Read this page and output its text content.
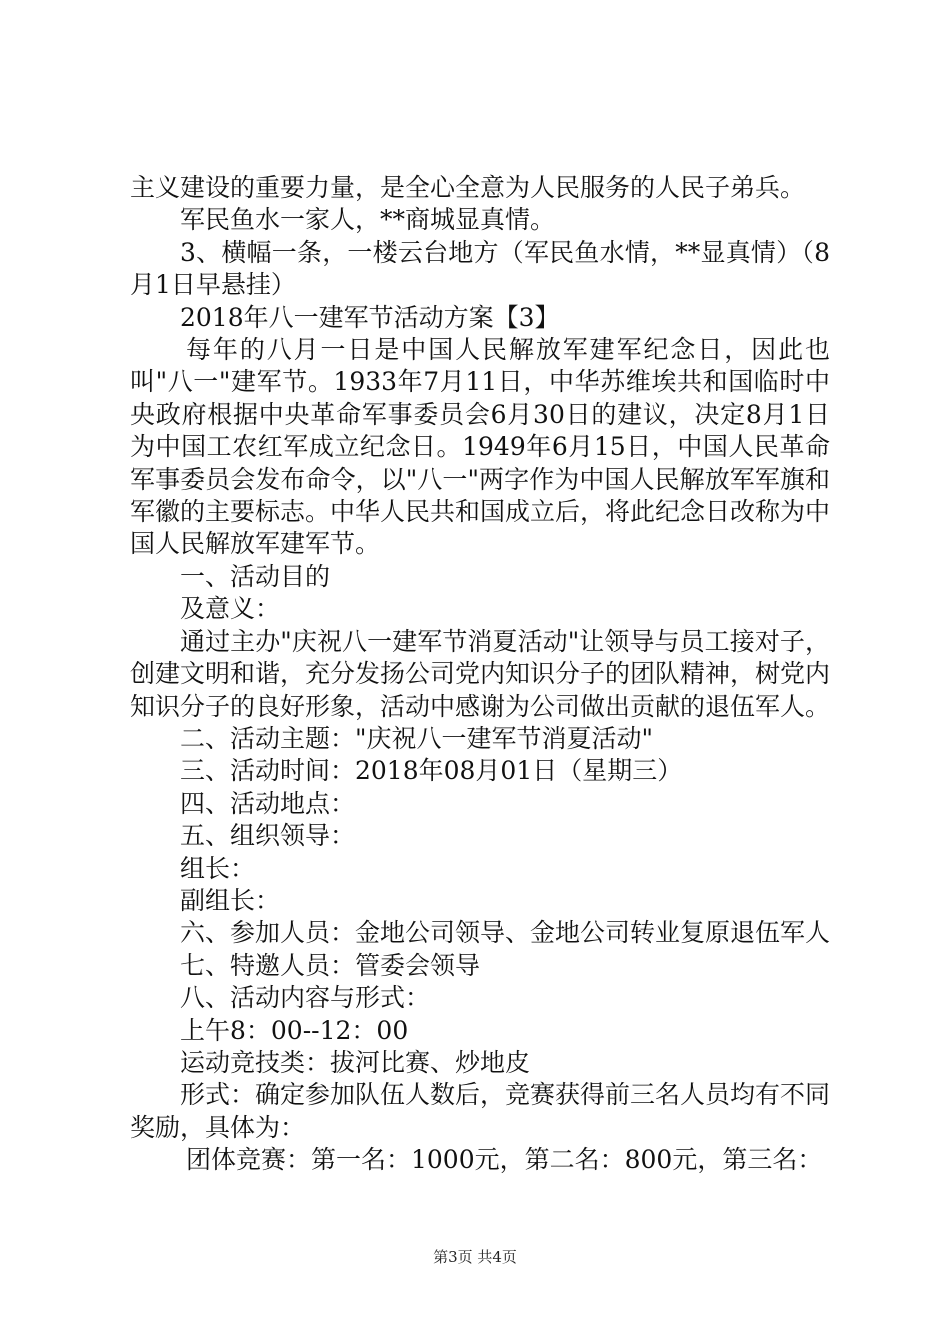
主义建设的重要力量，是全心全意为人民服务的人民子弟兵。

军民鱼水一家人，**商城显真情。

3、横幅一条，一楼云台地方（军民鱼水情，**显真情）（8月1日早悬挂）

2018年八一建军节活动方案【3】

每年的八月一日是中国人民解放军建军纪念日，因此也叫"八一"建军节。1933年7月11日，中华苏维埃共和国临时中央政府根据中央革命军事委员会6月30日的建议，决定8月1日为中国工农红军成立纪念日。1949年6月15日，中国人民革命军事委员会发布命令，以"八一"两字作为中国人民解放军军旗和军徽的主要标志。中华人民共和国成立后，将此纪念日改称为中国人民解放军建军节。

一、活动目的

及意义：

通过主办"庆祝八一建军节消夏活动"让领导与员工接对子，创建文明和谐，充分发扬公司党内知识分子的团队精神，树党内知识分子的良好形象，活动中感谢为公司做出贡献的退伍军人。

二、活动主题："庆祝八一建军节消夏活动"

三、活动时间：2018年08月01日（星期三）

四、活动地点：

五、组织领导：

组长：

副组长：

六、参加人员：金地公司领导、金地公司转业复原退伍军人

七、特邀人员：管委会领导

八、活动内容与形式：

上午8：00--12：00

运动竞技类：拔河比赛、炒地皮

形式：确定参加队伍人数后，竞赛获得前三名人员均有不同奖励，具体为：

团体竞赛：第一名：1000元，第二名：800元，第三名：

第3页 共4页
